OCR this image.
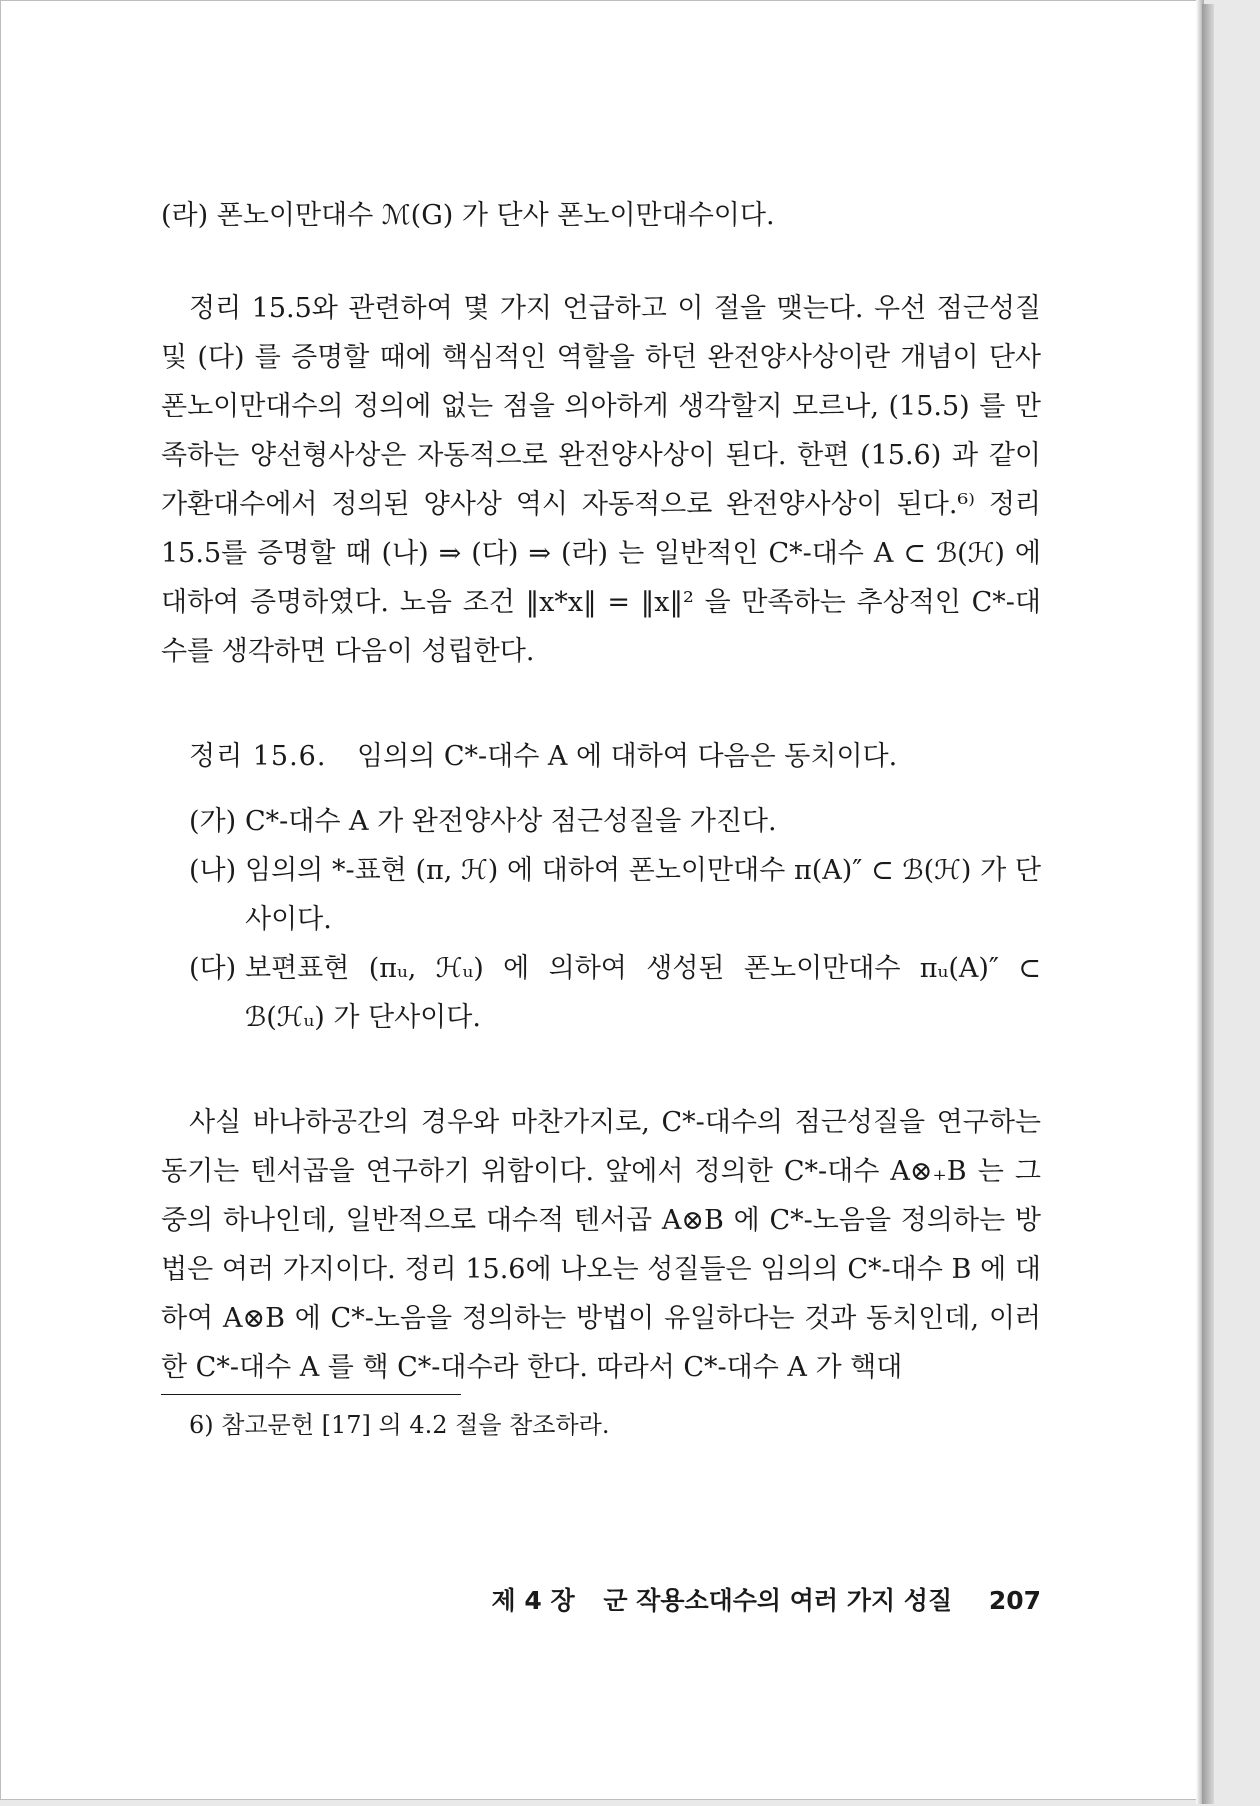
(라) 폰노이만대수 ℳ(G) 가 단사 폰노이만대수이다.

정리 15.5와 관련하여 몇 가지 언급하고 이 절을 맺는다. 우선 점근성질 및 (다) 를 증명할 때에 핵심적인 역할을 하던 완전양사상이란 개념이 단사 폰노이만대수의 정의에 없는 점을 의아하게 생각할지 모르나, (15.5) 를 만족하는 양선형사상은 자동적으로 완전양사상이 된다. 한편 (15.6) 과 같이 가환대수에서 정의된 양사상 역시 자동적으로 완전양사상이 된다.⁶⁾ 정리 15.5를 증명할 때 (나) ⇒ (다) ⇒ (라) 는 일반적인 C*-대수 A ⊂ ℬ(ℋ) 에 대하여 증명하였다. 노음 조건 ‖x*x‖ = ‖x‖² 을 만족하는 추상적인 C*-대수를 생각하면 다음이 성립한다.

정리 15.6. 임의의 C*-대수 A 에 대하여 다음은 동치이다.

(가) C*-대수 A 가 완전양사상 점근성질을 가진다.
(나) 임의의 *-표현 (π, ℋ) 에 대하여 폰노이만대수 π(A)″ ⊂ ℬ(ℋ) 가 단사이다.
(다) 보편표현 (πᵤ, ℋᵤ) 에 의하여 생성된 폰노이만대수 πᵤ(A)″ ⊂ ℬ(ℋᵤ) 가 단사이다.

사실 바나하공간의 경우와 마찬가지로, C*-대수의 점근성질을 연구하는 동기는 텐서곱을 연구하기 위함이다. 앞에서 정의한 C*-대수 A⊗₊B 는 그 중의 하나인데, 일반적으로 대수적 텐서곱 A⊗B 에 C*-노음을 정의하는 방법은 여러 가지이다. 정리 15.6에 나오는 성질들은 임의의 C*-대수 B 에 대하여 A⊗B 에 C*-노음을 정의하는 방법이 유일하다는 것과 동치인데, 이러한 C*-대수 A 를 핵 C*-대수라 한다. 따라서 C*-대수 A 가 핵대

6) 참고문헌 [17] 의 4.2 절을 참조하라.

제 4 장 군 작용소대수의 여러 가지 성질 207
